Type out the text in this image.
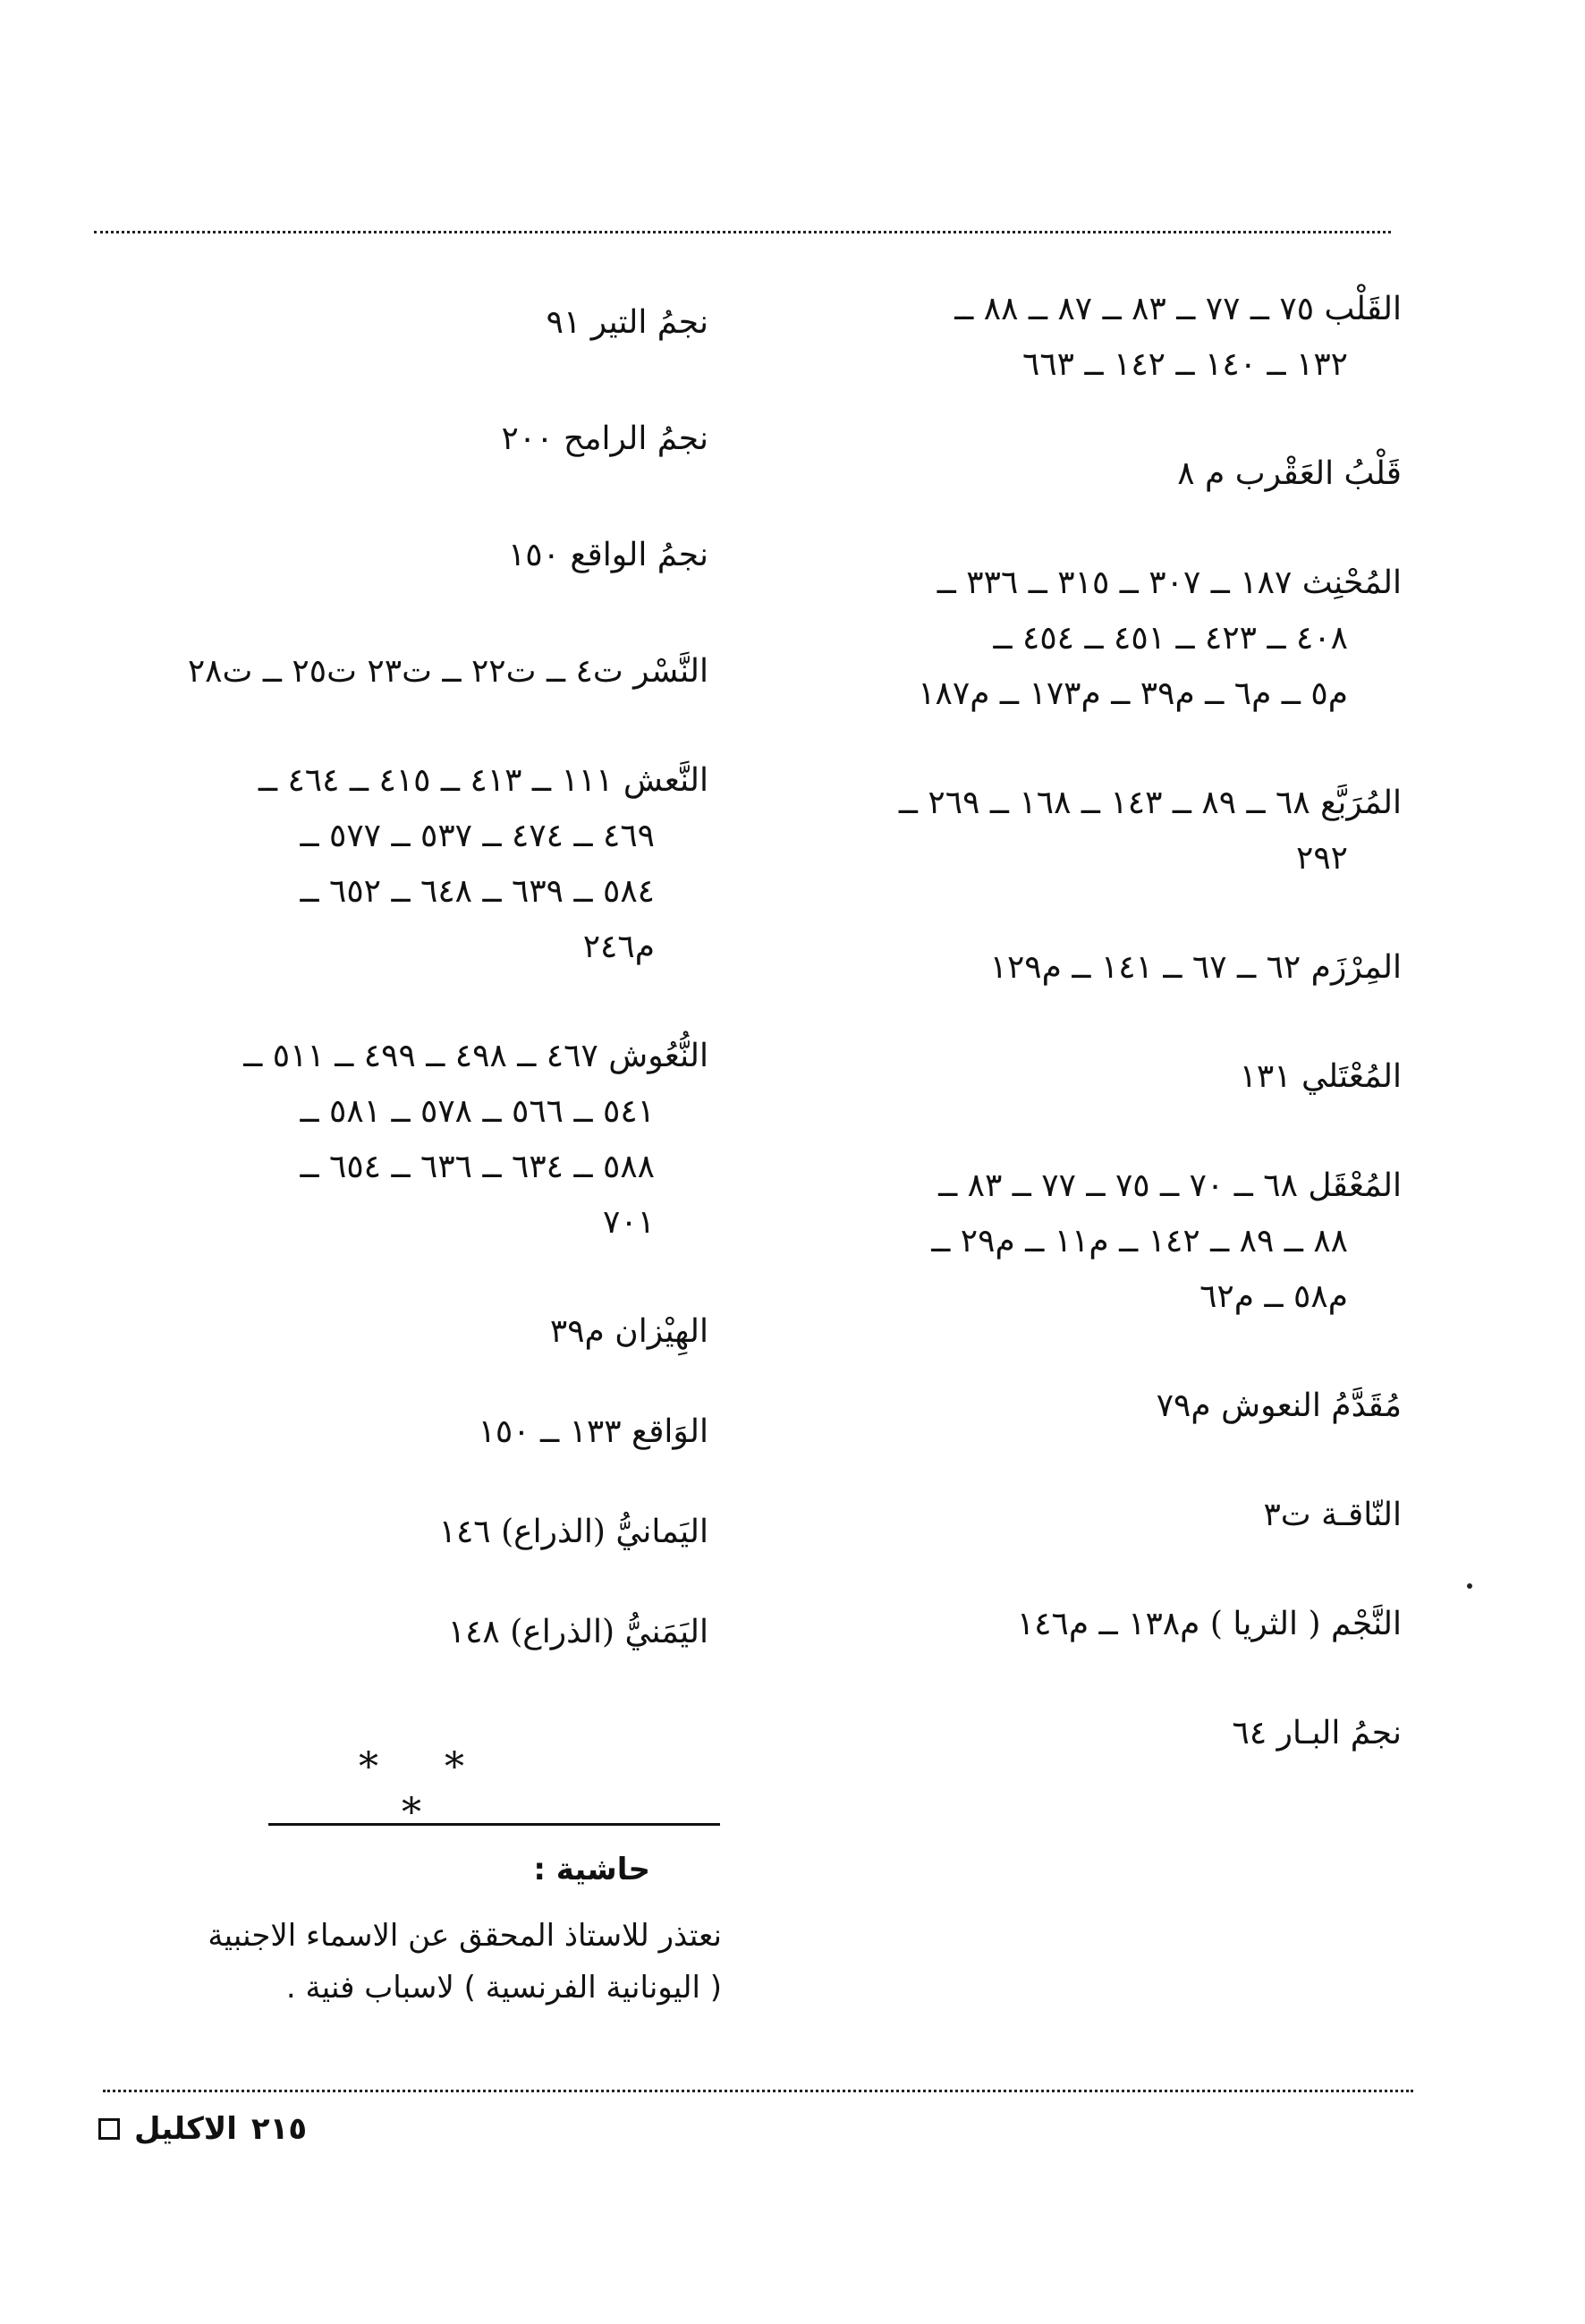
القَلْب ٧٥ ــ ٧٧ ــ ٨٣ ــ ٨٧ ــ ٨٨ ــ
١٣٢ ــ ١٤٠ ــ ١٤٢ ــ ٦٦٣
قَلْبُ العَقْرب م ٨
المُحْنِث ١٨٧ ــ ٣٠٧ ــ ٣١٥ ــ ٣٣٦ ــ
٤٠٨ ــ ٤٢٣ ــ ٤٥١ ــ ٤٥٤ ــ
م٥ ــ م٦ ــ م٣٩ ــ م١٧٣ ــ م١٨٧
المُرَبَّع ٦٨ ــ ٨٩ ــ ١٤٣ ــ ١٦٨ ــ ٢٦٩ ــ
٢٩٢
المِرْزَم ٦٢ ــ ٦٧ ــ ١٤١ ــ م١٢٩
المُعْتَلي ١٣١
المُعْقَل ٦٨ ــ ٧٠ ــ ٧٥ ــ ٧٧ ــ ٨٣ ــ
٨٨ ــ ٨٩ ــ ١٤٢ ــ م١١ ــ م٢٩ ــ
م٥٨ ــ م٦٢
مُقَدَّمُ النعوش م٧٩
النّاقـة ت٣
النَّجْم ( الثريا ) م١٣٨ ــ م١٤٦
نجمُ البـار ٦٤
نجمُ التير ٩١
نجمُ الرامح ٢٠٠
نجمُ الواقع ١٥٠
النَّسْر ت٤ ــ ت٢٢ ــ ت٢٣ ت٢٥ ــ ت٢٨
النَّعش ١١١ ــ ٤١٣ ــ ٤١٥ ــ ٤٦٤ ــ
٤٦٩ ــ ٤٧٤ ــ ٥٣٧ ــ ٥٧٧ ــ
٥٨٤ ــ ٦٣٩ ــ ٦٤٨ ــ ٦٥٢ ــ
م٢٤٦
النُّعُوش ٤٦٧ ــ ٤٩٨ ــ ٤٩٩ ــ ٥١١ ــ
٥٤١ ــ ٥٦٦ ــ ٥٧٨ ــ ٥٨١ ــ
٥٨٨ ــ ٦٣٤ ــ ٦٣٦ ــ ٦٥٤ ــ
٧٠١
الهِيْزان م٣٩
الوَاقع ١٣٣ ــ ١٥٠
اليَمانيُّ (الذراع) ١٤٦
اليَمَنيُّ (الذراع) ١٤٨
* * *
حاشية :
نعتذر للاستاذ المحقق عن الاسماء الاجنبية
( اليونانية الفرنسية ) لاسباب فنية .
٢١٥
الاكليل
